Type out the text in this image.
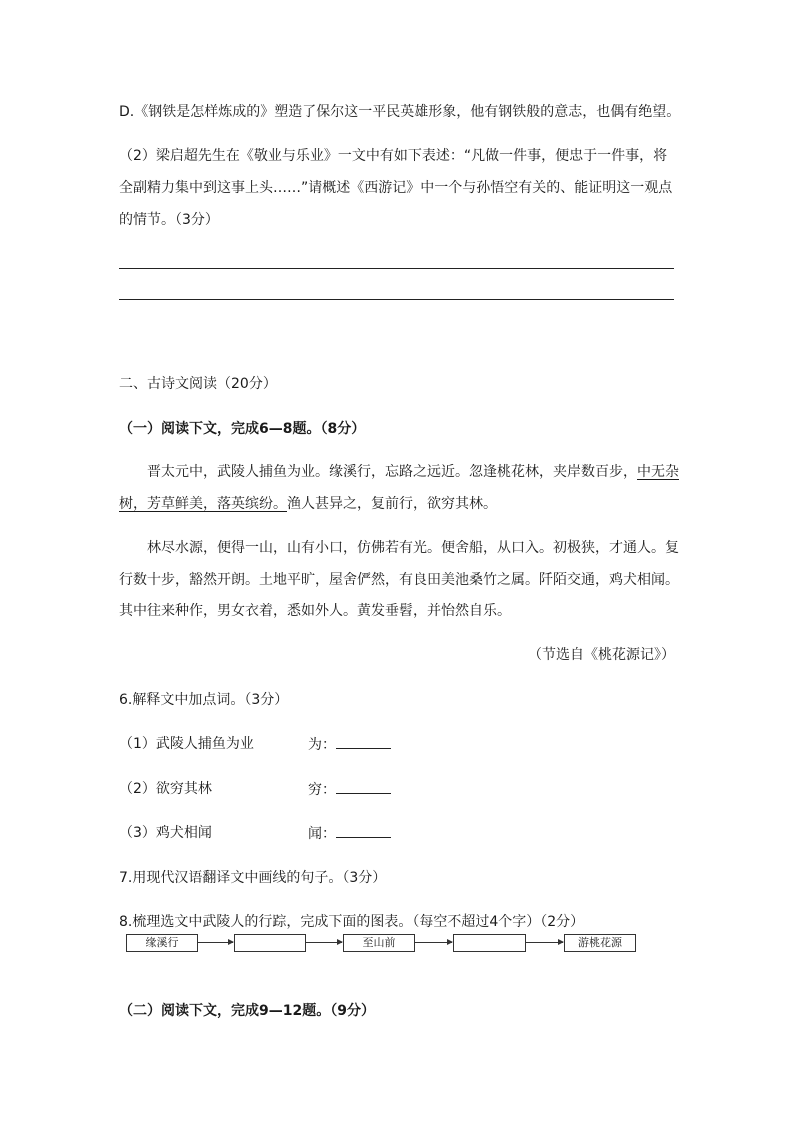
D.《钢铁是怎样炼成的》塑造了保尔这一平民英雄形象，他有钢铁般的意志，也偶有绝望。
（2）梁启超先生在《敬业与乐业》一文中有如下表述：“凡做一件事，便忠于一件事，将
全副精力集中到这事上头……”请概述《西游记》中一个与孙悟空有关的、能证明这一观点
的情节。（3分）
二、古诗文阅读（20分）
（一）阅读下文，完成6—8题。（8分）
晋太元中，武陵人捕鱼为业。缘溪行，忘路之远近。忽逢桃花林，夹岸数百步，中无杂
树，芳草鲜美，落英缤纷。渔人甚异之，复前行，欲穷其林。
林尽水源，便得一山，山有小口，仿佛若有光。便舍船，从口入。初极狭，才通人。复
行数十步，豁然开朗。土地平旷，屋舍俨然，有良田美池桑竹之属。阡陌交通，鸡犬相闻。
其中往来种作，男女衣着，悉如外人。黄发垂髫，并怡然自乐。
（节选自《桃花源记》）
6.解释文中加点词。（3分）
（1）武陵人捕鱼为业	为：
（2）欲穷其林	穷：
（3）鸡犬相闻	闻：
7.用现代汉语翻译文中画线的句子。（3分）
8.梳理选文中武陵人的行踪，完成下面的图表。（每空不超过4个字）（2分）
缘溪行	至山前	游桃花源
（二）阅读下文，完成9—12题。（9分）
